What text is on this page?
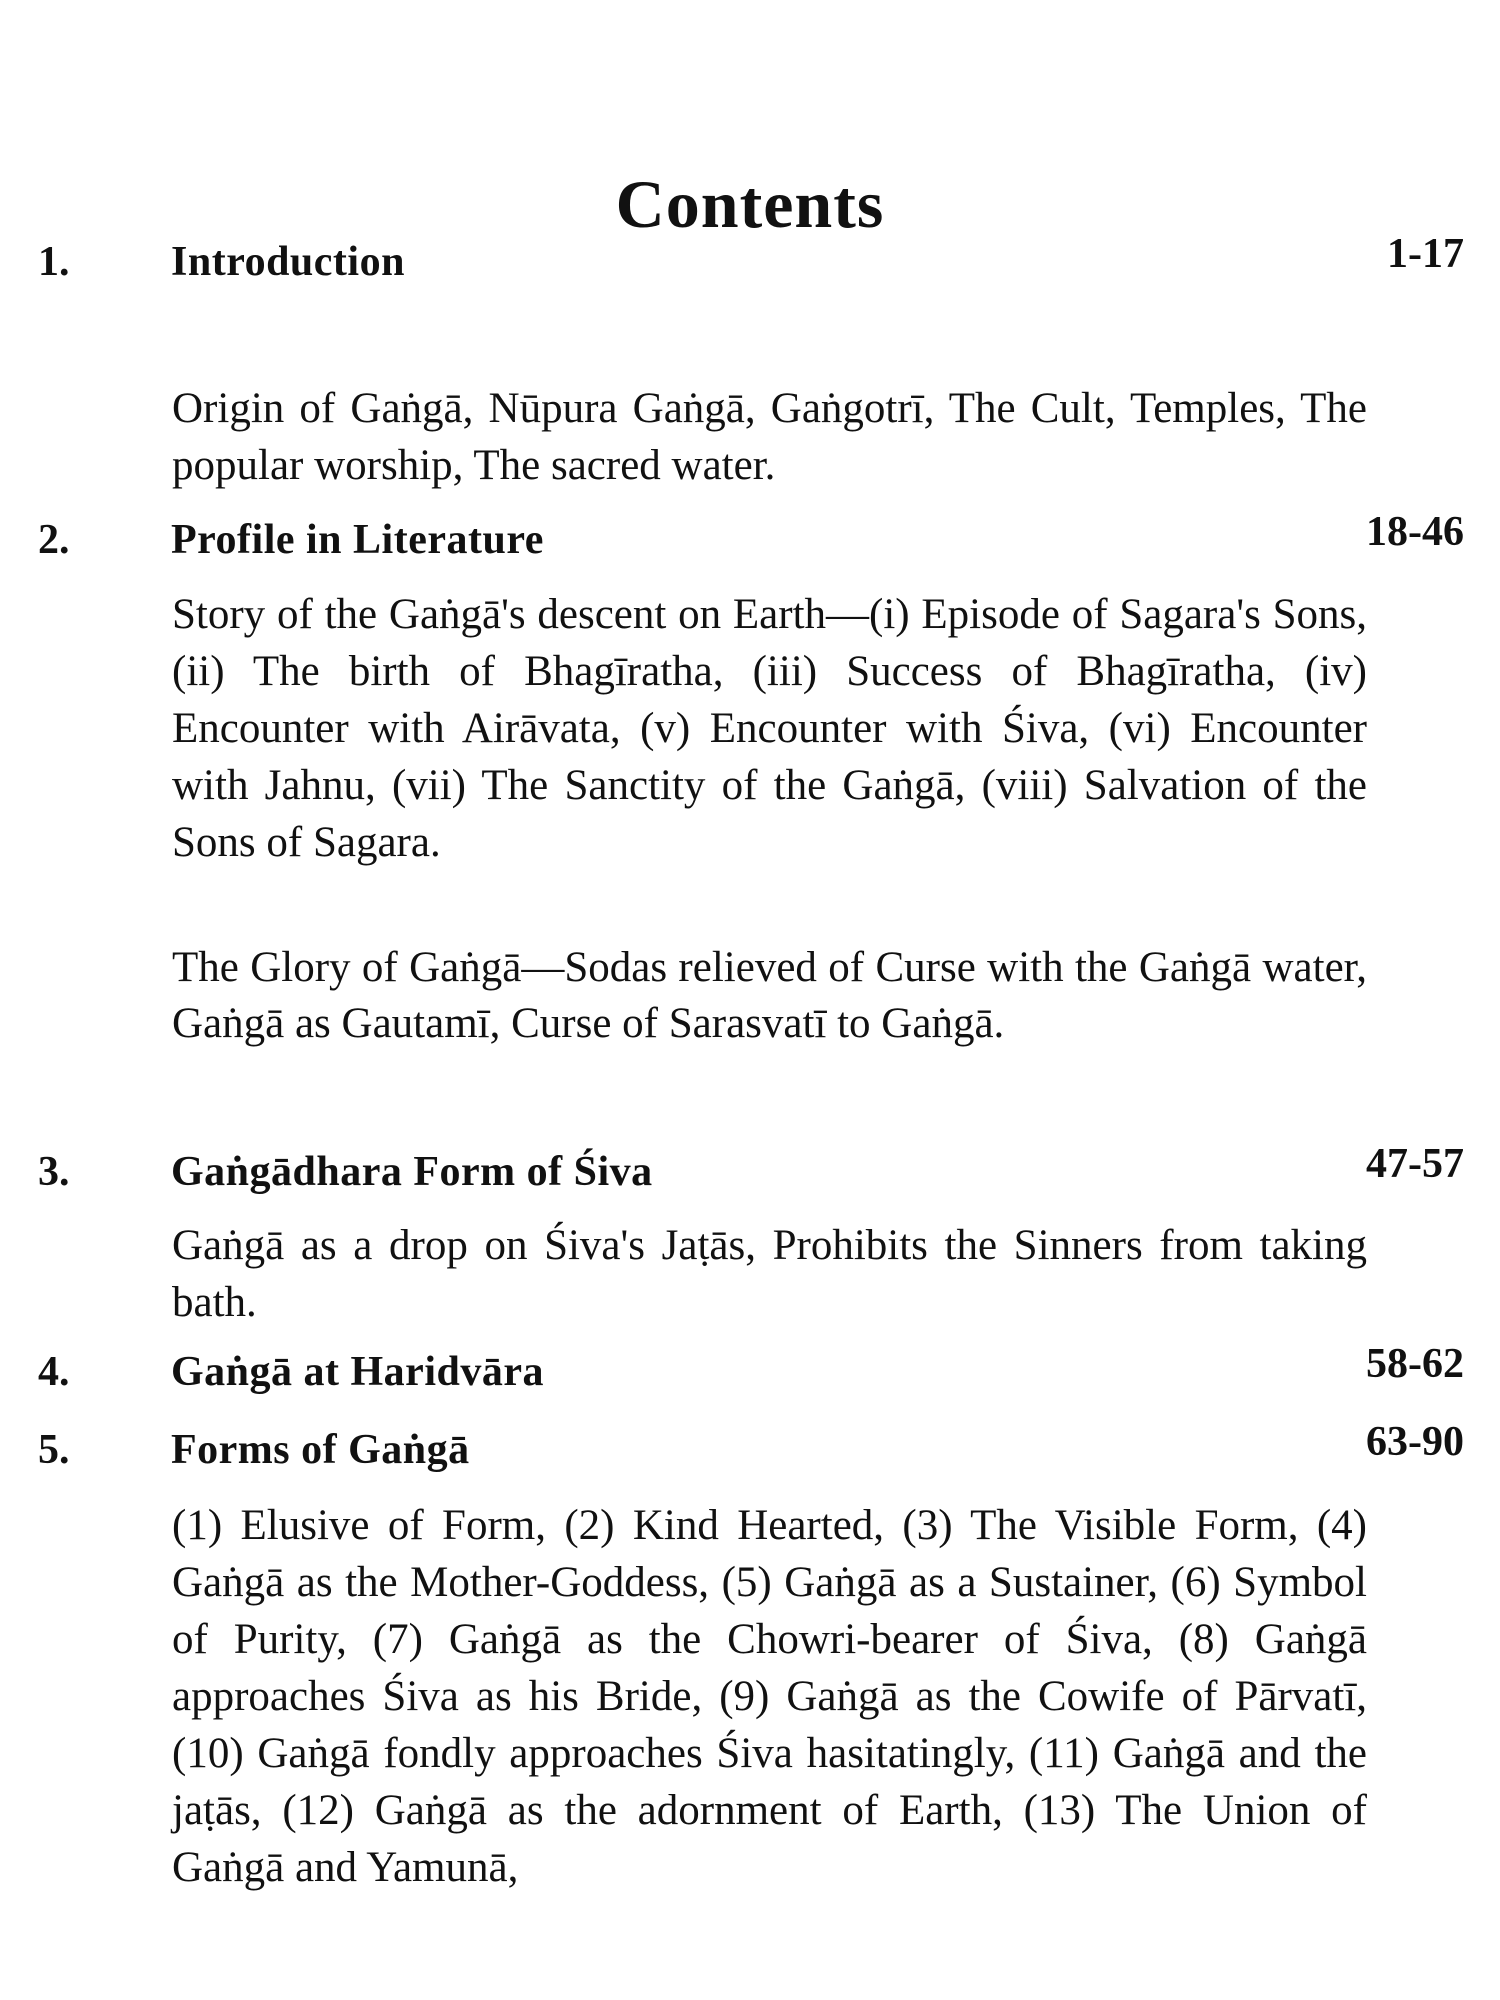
Contents
1. Introduction	1-17
Origin of Gaṅgā, Nūpura Gaṅgā, Gaṅgotrī, The Cult, Temples, The popular worship, The sacred water.
2. Profile in Literature	18-46
Story of the Gaṅgā's descent on Earth—(i) Episode of Sagara's Sons, (ii) The birth of Bhagīratha, (iii) Success of Bhagīratha, (iv) Encounter with Airāvata, (v) Encounter with Śiva, (vi) Encounter with Jahnu, (vii) The Sanctity of the Gaṅgā, (viii) Salvation of the Sons of Sagara.
The Glory of Gaṅgā—Sodas relieved of Curse with the Gaṅgā water, Gaṅgā as Gautamī, Curse of Sarasvatī to Gaṅgā.
3. Gaṅgādhara Form of Śiva	47-57
Gaṅgā as a drop on Śiva's Jaṭās, Prohibits the Sinners from taking bath.
4. Gaṅgā at Haridvāra	58-62
5. Forms of Gaṅgā	63-90
(1) Elusive of Form, (2) Kind Hearted, (3) The Visible Form, (4) Gaṅgā as the Mother-Goddess, (5) Gaṅgā as a Sustainer, (6) Symbol of Purity, (7) Gaṅgā as the Chowri-bearer of Śiva, (8) Gaṅgā approaches Śiva as his Bride, (9) Gaṅgā as the Cowife of Pārvatī, (10) Gaṅgā fondly approaches Śiva hasitatingly, (11) Gaṅgā and the jaṭās, (12) Gaṅgā as the adornment of Earth, (13) The Union of Gaṅgā and Yamunā,
